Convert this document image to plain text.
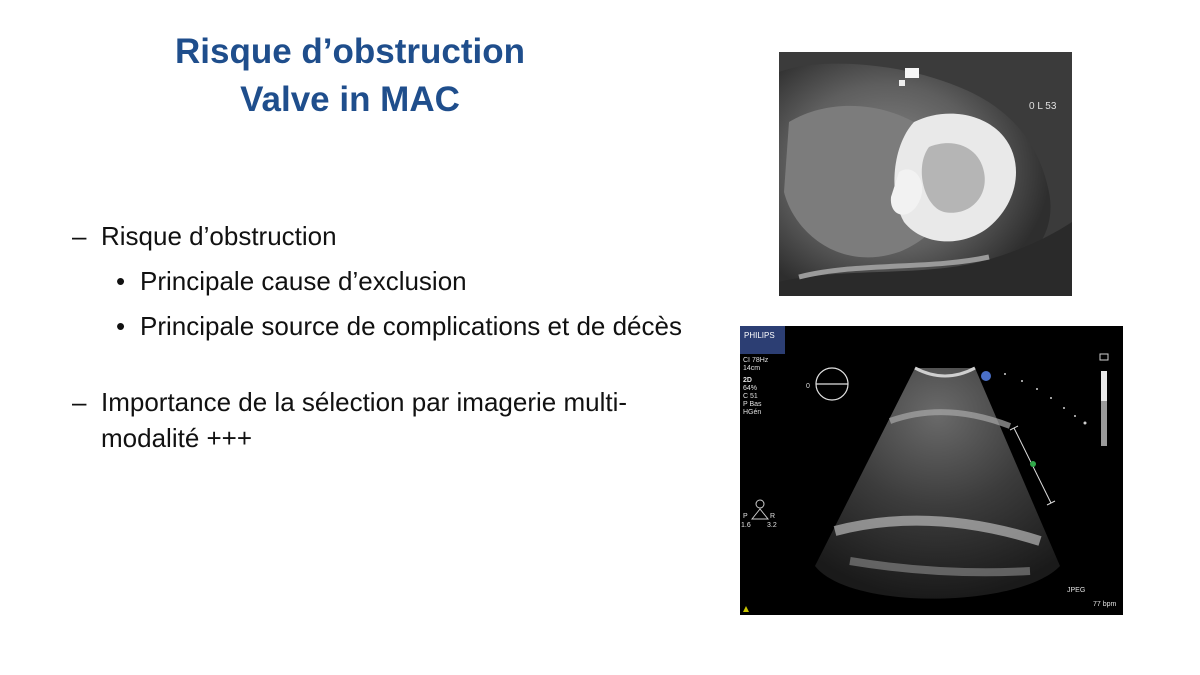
Risque d’obstruction
Valve in MAC
– Risque d’obstruction
• Principale cause d’exclusion
• Principale source de complications et de décès
– Importance de la sélection par imagerie multi-modalité +++
0 L 53
PHILIPS
0
CI 78Hz
14cm
2D
64%
C 51
P Bas
HGén
JPEG
77 bpm
P	R
1.6 3.2
